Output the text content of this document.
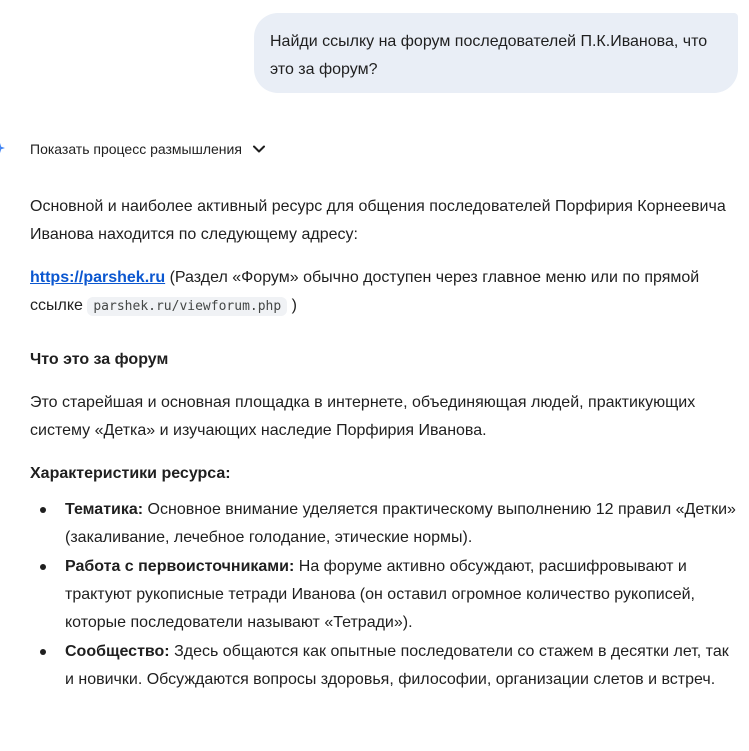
Найди ссылку на форум последователей П.К.Иванова, что это за форум?
Показать процесс размышления

Основной и наиболее активный ресурс для общения последователей Порфирия Корнеевича Иванова находится по следующему адресу:

https://parshek.ru (Раздел «Форум» обычно доступен через главное меню или по прямой ссылке parshek.ru/viewforum.php )

Что это за форум

Это старейшая и основная площадка в интернете, объединяющая людей, практикующих систему «Детка» и изучающих наследие Порфирия Иванова.

Характеристики ресурса:
Тематика: Основное внимание уделяется практическому выполнению 12 правил «Детки» (закаливание, лечебное голодание, этические нормы).
Работа с первоисточниками: На форуме активно обсуждают, расшифровывают и трактуют рукописные тетради Иванова (он оставил огромное количество рукописей, которые последователи называют «Тетради»).
Сообщество: Здесь общаются как опытные последователи со стажем в десятки лет, так и новички. Обсуждаются вопросы здоровья, философии, организации слетов и встреч.
